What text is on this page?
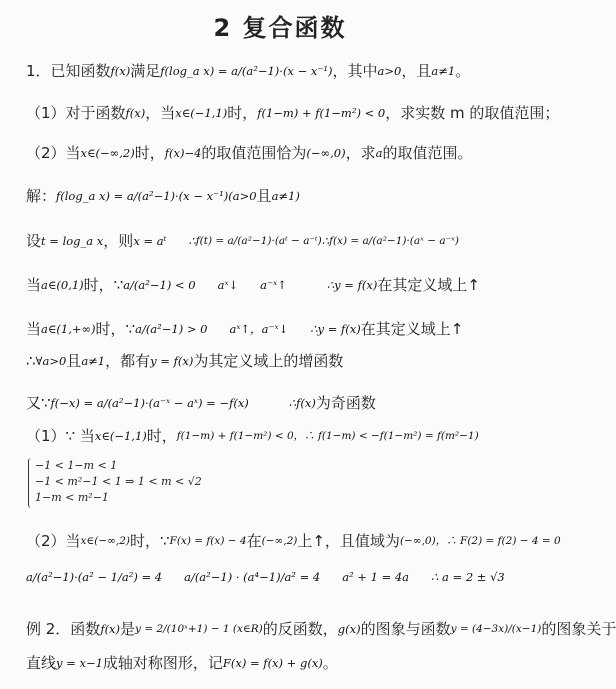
2 复合函数
1．已知函数 f(x) 满足 f(log_a x) = a/(a²−1)·(x − x⁻¹) ，其中 a>0 ，且 a≠1 。
（1）对于函数 f(x) ，当 x∈(−1,1) 时， f(1−m) + f(1−m²) < 0 ，求实数 m 的取值范围；
（2）当 x∈(−∞,2) 时， f(x)−4 的取值范围恰为 (−∞,0) ，求 a 的取值范围。
解： f(log_a x) = a/(a²−1)·(x − x⁻¹)(a>0 且 a≠1)
设 t = log_a x ，则 x = aᵗ ∴ f(t) = a/(a²−1)·(aᵗ − a⁻ᵗ) ∴ f(x) = a/(a²−1)·(aˣ − a⁻ˣ)
当 a∈(0,1) 时，∵ a/(a²−1) < 0 aˣ↓ a⁻ˣ↑	∴ y = f(x) 在其定义域上↑
当 a∈(1,+∞) 时，∵ a/(a²−1) > 0 aˣ↑， a⁻ˣ↓ ∴ y = f(x) 在其定义域上↑
∴ ∀a>0 且 a≠1 ，都有 y = f(x) 为其定义域上的增函数
又∵ f(−x) = a/(a²−1)·(a⁻ˣ − aˣ) = −f(x)	∴ f(x) 为奇函数
（1）∵ 当 x∈(−1,1) 时， f(1−m) + f(1−m²) < 0，∴ f(1−m) < −f(1−m²) = f(m²−1)
−1 < 1−m < 1
−1 < m²−1 < 1 ⇒ 1 < m < √2
1−m < m²−1
（2）当 x∈(−∞,2) 时，∵ F(x) = f(x) − 4 在 (−∞,2) 上↑，且值域为 (−∞,0)，∴ F(2) = f(2) − 4 = 0
a/(a²−1)·(a² − 1/a²) = 4 a/(a²−1) · (a⁴−1)/a² = 4 a² + 1 = 4a ∴ a = 2 ± √3
例 2．函数 f(x) 是 y = 2/(10ˣ+1) − 1 (x∈R) 的反函数， g(x) 的图象与函数 y = (4−3x)/(x−1) 的图象关于
直线 y = x−1 成轴对称图形，记 F(x) = f(x) + g(x) 。
